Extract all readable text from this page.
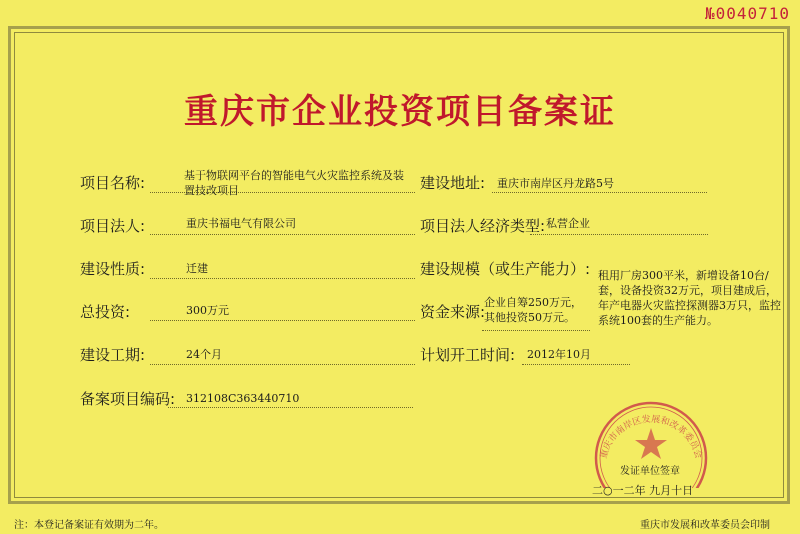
№0040710
重庆市企业投资项目备案证
项目名称:	基于物联网平台的智能电气火灾监控系统及装置技改项目	建设地址: 重庆市南岸区丹龙路5号
项目法人:	重庆书福电气有限公司	项目法人经济类型: 私营企业
建设性质:	迁建	建设规模（或生产能力）: 租用厂房300平米，新增设备10台/套，设备投资32万元，项目建成后，年产电器火灾监控探测器3万只，监控系统100套的生产能力。
总投资:	300万元	资金来源:
企业自筹250万元，其他投资50万元。
建设工期:	24个月	计划开工时间: 2012年10月
备案项目编码: 312108C363440710
重庆市南岸区发展和改革委员会
发证单位签章
二○一二年 九月十日
注：本登记备案证有效期为二年。	重庆市发展和改革委员会印制
